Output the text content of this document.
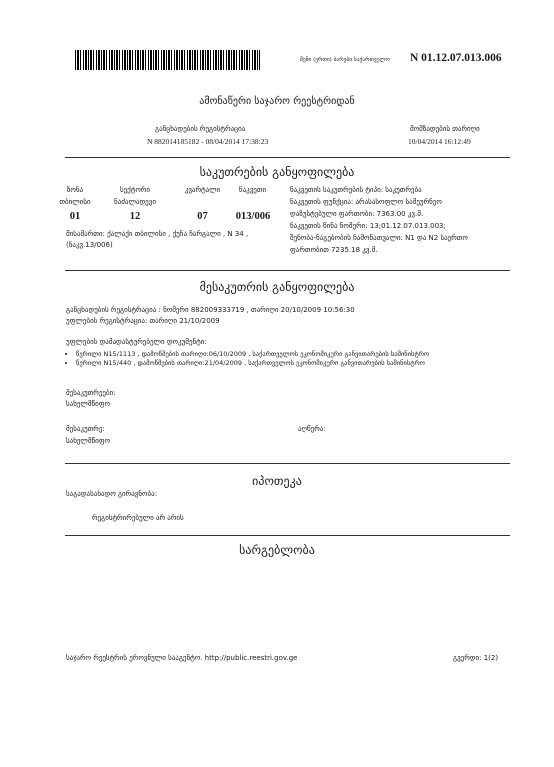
შენი (ერთი) ბარები საქართველო N 01.12.07.013.006
ამონაწერი საჯარო რეესტრიდან
განცხადების რეგისტრაცია
N 882014185182 - 08/04/2014 17:38:23
მომზადების თარიღი
10/04/2014 16:12:49
საკუთრების განყოფილება
ზონა	სექტორი	კვარტალი	ნაკვეთი
თბილისი	ნაძალადევი
01	12	07	013/006
მისამართი: ქალაქი თბილისი , ქუჩა ჩარგალი , N 34 ,
(ნაკვ.13/006)
ნაკვეთის საკუთრების ტიპი: საკუთრება
ნაკვეთის ფუნქცია: არასასოფლო სამეურნეო
დაზუსტებული ფართობი: 7363.00 კვ.მ.
ნაკვეთის წინა ნომერი: 13;01.12.07.013.003;
შენობა-ნაგებობის ჩამონათვალი: N1 და N2 საერთო
ფართობით 7235.18 კვ.მ.
მესაკუთრის განყოფილება
განცხადების რეგისტრაცია : ნომერი 882009333719 , თარიღი 20/10/2009 10:56:30
უფლების რეგისტრაცია: თარიღი 21/10/2009
უფლების დამადასტურებელი დოკუმენტი:
• წერილი N15/1113 , დამოწმების თარიღი:06/10/2009 , საქართველოს ეკონომიკური განვითარების სამინისტრო
• წერილი N15/440 , დამოწმების თარიღი:21/04/2009 , საქართველოს ეკონომიკური განვითარების სამინისტრო
მესაკუთრეები:
სახელმწიფო
მესაკუთრე:
სახელმწიფო
აღწერა:
იპოთეკა
საგადასახადო გირავნობა:
რეგისტრირებული არ არის
სარგებლობა
საჯარო რეესტრის ეროვნული სააგენტო. http://public.reestri.gov.ge	გვერდი: 1(2)
